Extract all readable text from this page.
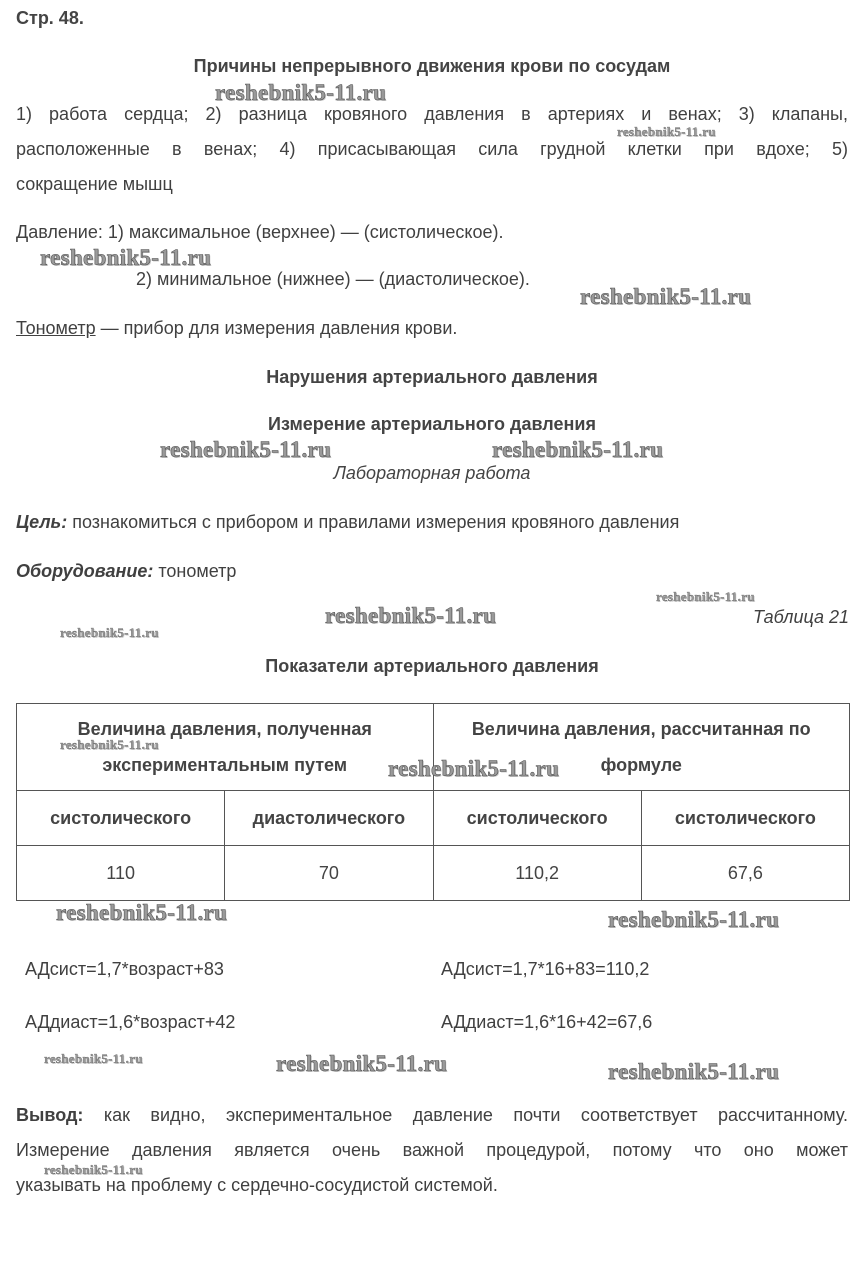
Стр. 48.
Причины непрерывного движения крови по сосудам
1) работа сердца; 2) разница кровяного давления в артериях и венах; 3) клапаны,
расположенные в венах; 4) присасывающая сила грудной клетки при вдохе; 5)
сокращение мышц
Давление: 1) максимальное (верхнее) — (систолическое).
2) минимальное (нижнее) — (диастолическое).
Тонометр — прибор для измерения давления крови.
Нарушения артериального давления
Измерение артериального давления
Лабораторная работа
Цель: познакомиться с прибором и правилами измерения кровяного давления
Оборудование: тонометр
Таблица 21
Показатели артериального давления
Величина давления, полученная экспериментальным путем		Величина давления, рассчитанная по формуле	
систолического	диастолического	систолического	систолического
110	70	110,2	67,6
АДсист=1,7*возраст+83	АДсист=1,7*16+83=110,2
АДдиаст=1,6*возраст+42	АДдиаст=1,6*16+42=67,6
Вывод: как видно, экспериментальное давление почти соответствует рассчитанному.
Измерение давления является очень важной процедурой, потому что оно может
указывать на проблему с сердечно-сосудистой системой.
reshebnik5-11.ru
reshebnik5-11.ru
reshebnik5-11.ru
reshebnik5-11.ru
reshebnik5-11.ru	reshebnik5-11.ru
reshebnik5-11.ru
reshebnik5-11.ru
reshebnik5-11.ru
reshebnik5-11.ru
reshebnik5-11.ru
reshebnik5-11.ru	reshebnik5-11.ru
reshebnik5-11.ru	reshebnik5-11.ru	reshebnik5-11.ru
reshebnik5-11.ru
